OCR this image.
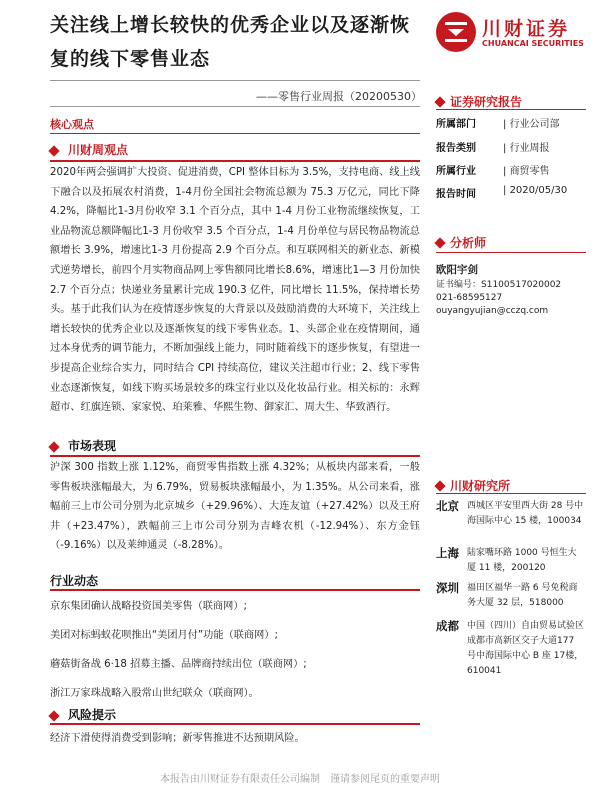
关注线上增长较快的优秀企业以及逐渐恢复的线下零售业态
川财证券
CHUANCAI SECURITIES
——零售行业周报（20200530）
核心观点
川财周观点
2020年两会强调扩大投资、促进消费，CPI 整体目标为 3.5%，支持电商、线上线下融合以及拓展农村消费，1-4月份全国社会物流总额为 75.3 万亿元，同比下降 4.2%，降幅比1-3月份收窄 3.1 个百分点，其中 1-4 月份工业物流继续恢复，工业品物流总额降幅比1-3 月份收窄 3.5 个百分点，1-4 月份单位与居民物品物流总额增长 3.9%，增速比1-3 月份提高 2.9 个百分点。和互联网相关的新业态、新模式逆势增长，前四个月实物商品网上零售额同比增长8.6%，增速比1—3 月份加快 2.7 个百分点；快递业务量累计完成 190.3 亿件，同比增长 11.5%，保持增长势头。基于此我们认为在疫情逐步恢复的大背景以及鼓励消费的大环境下，关注线上增长较快的优秀企业以及逐渐恢复的线下零售业态。1、头部企业在疫情期间，通过本身优秀的调节能力，不断加强线上能力，同时随着线下的逐步恢复，有望进一步提高企业综合实力，同时结合 CPI 持续高位，建议关注超市行业；2、线下零售业态逐渐恢复，如线下购买场景较多的珠宝行业以及化妆品行业。相关标的：永辉超市、红旗连锁、家家悦、珀莱雅、华熙生物、御家汇、周大生、华致酒行。
市场表现
沪深 300 指数上涨 1.12%，商贸零售指数上涨 4.32%；从板块内部来看，一般零售板块涨幅最大，为 6.79%，贸易板块涨幅最小，为 1.35%。从公司来看，涨幅前三上市公司分别为北京城乡（+29.96%）、大连友谊（+27.42%）以及王府井（+23.47%），跌幅前三上市公司分别为吉峰农机（-12.94%）、东方金钰（-9.16%）以及莱绅通灵（-8.28%）。
行业动态
京东集团确认战略投资国美零售（联商网）;
美团对标蚂蚁花呗推出“美团月付”功能（联商网）;
蘑菇街备战 6·18 招募主播、品牌商持续出位（联商网）;
浙江万家珠战略入股常山世纪联众（联商网）。
风险提示
经济下滑使得消费受到影响；新零售推进不达预期风险。
证券研究报告
所属部门	| 行业公司部
报告类别	| 行业周报
所属行业	| 商贸零售
报告时间	| 2020/05/30
分析师
欧阳宇剑
证书编号：S1100517020002
021-68595127
ouyangyujian@cczq.com
川财研究所
北京 西城区平安里西大街 28 号中海国际中心 15 楼，100034
上海 陆家嘴环路 1000 号恒生大厦 11 楼，200120
深圳 福田区福华一路 6 号免税商务大厦 32 层，518000
成都 中国（四川）自由贸易试验区成都市高新区交子大道177 号中海国际中心 B 座 17楼，610041
本报告由川财证券有限责任公司编制　谨请参阅尾页的重要声明
